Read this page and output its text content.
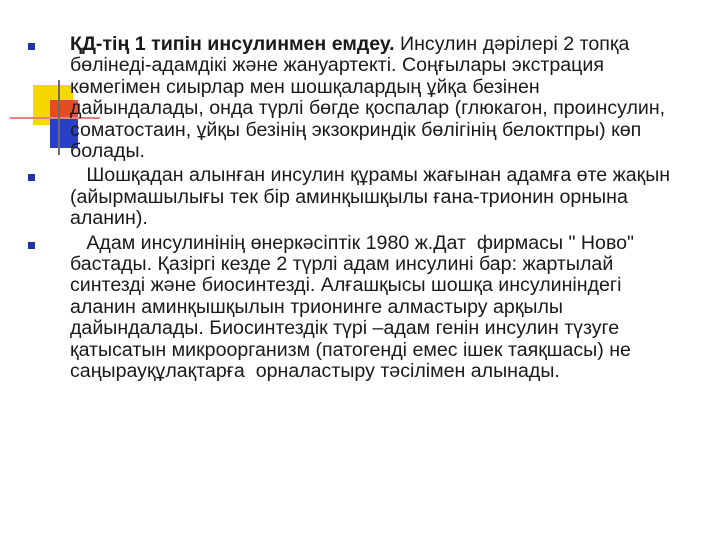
ҚД-тің 1 типін инсулинмен емдеу. Инсулин дәрілері 2 топқа бөлінеді-адамдікі және жануартекті. Соңғылары экстрация көмегімен сиырлар мен шошқалардың ұйқа безінен дайындалады, онда түрлі бөгде қоспалар (глюкагон, проинсулин, соматостаин, ұйқы безінің экзокриндік бөлігінің белоктпры) көп болады.
Шошқадан алынған инсулин құрамы жағынан адамға өте жақын (айырмашылығы тек бір аминқышқылы ғана-трионин орнына аланин).
Адам инсулинінің өнеркәсіптік 1980 ж.Дат  фирмасы " Ново" бастады. Қазіргі кезде 2 түрлі адам инсулині бар: жартылай синтезді және биосинтезді. Алғашқысы шошқа инсулиніндегі аланин аминқышқылын трионинге алмастыру арқылы дайындалады. Биосинтездік түрі –адам генін инсулин түзуге қатысатын микроорганизм (патогенді емес ішек таяқшасы) не саңырауқұлақтарға  орналастыру тәсілімен алынады.
